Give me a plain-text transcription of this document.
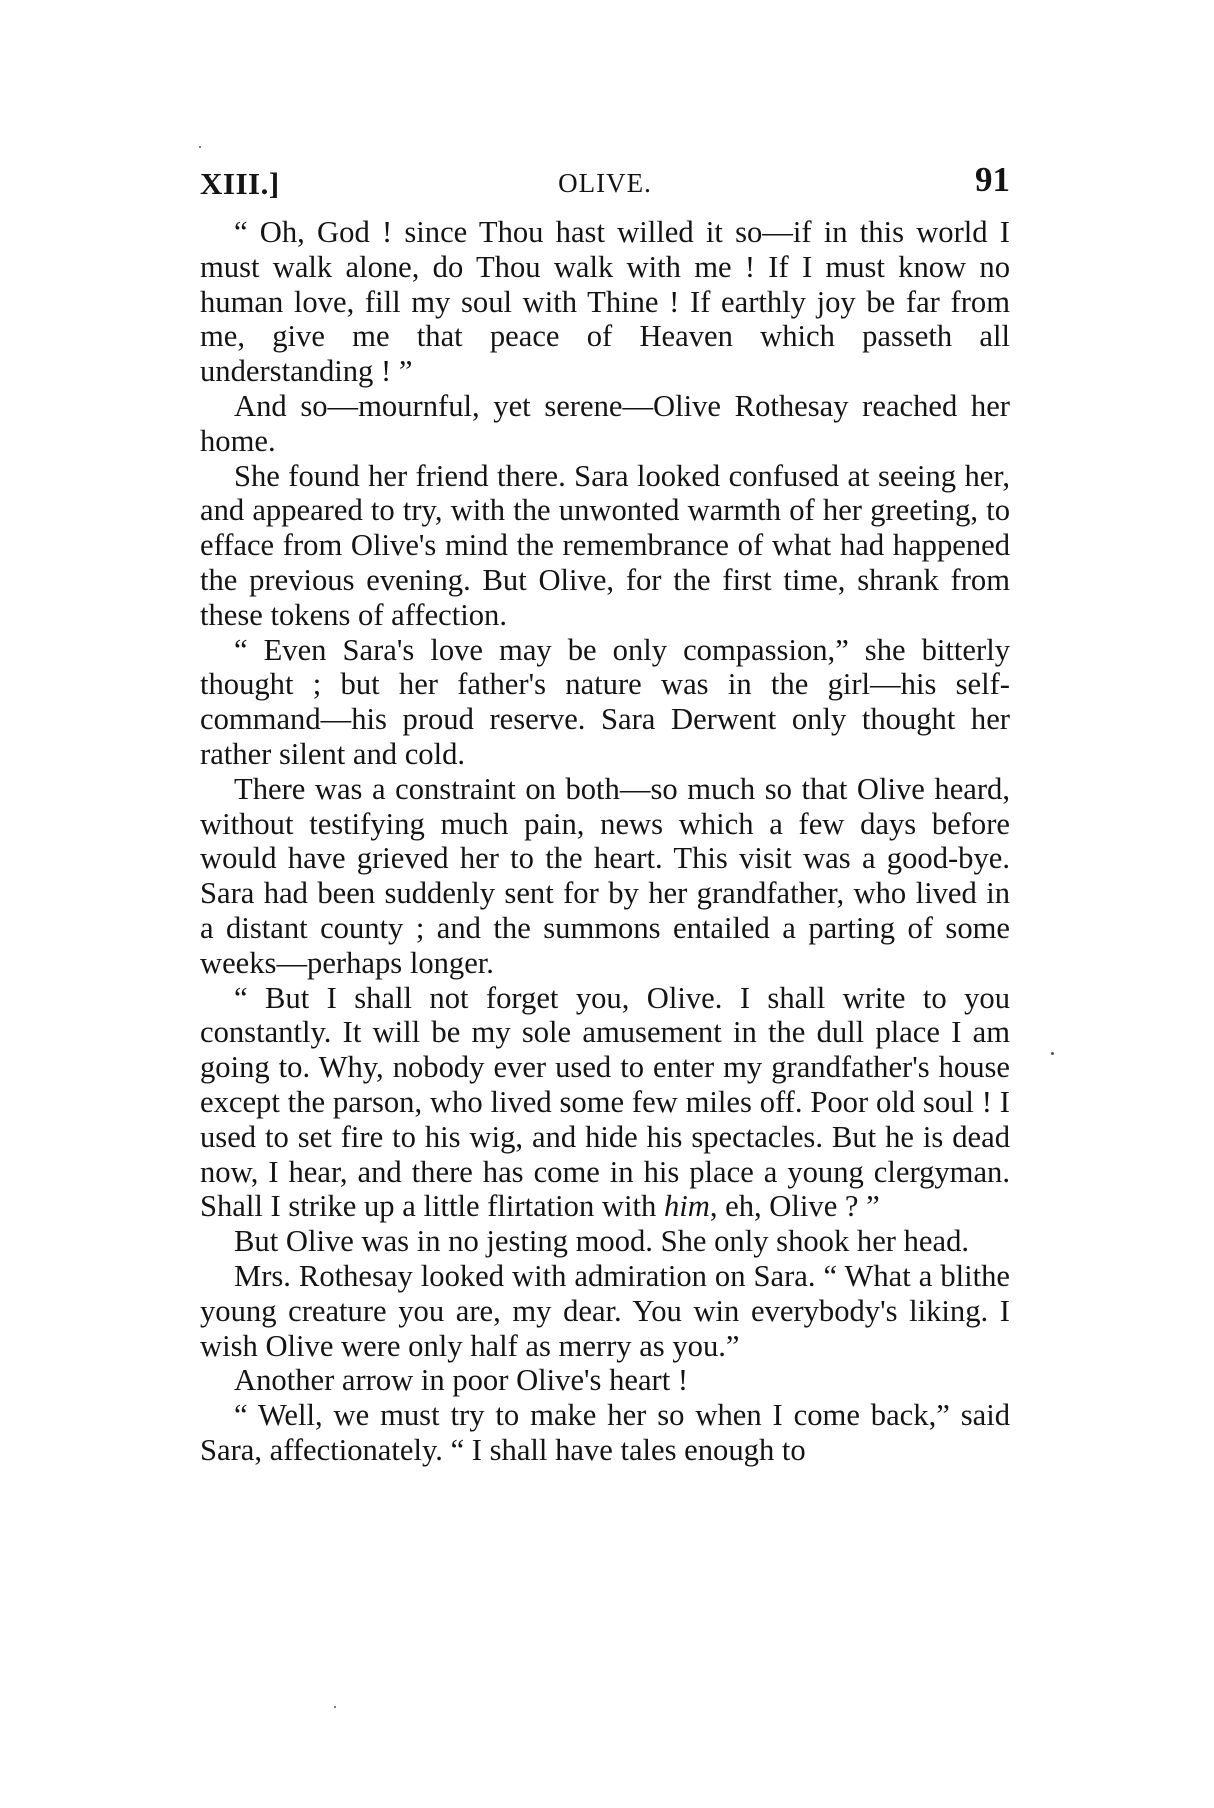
XIII.]	OLIVE.	91

“ Oh, God ! since Thou hast willed it so—if in this world I must walk alone, do Thou walk with me ! If I must know no human love, fill my soul with Thine ! If earthly joy be far from me, give me that peace of Heaven which passeth all understanding ! ”

And so—mournful, yet serene—Olive Rothesay reached her home.

She found her friend there. Sara looked confused at seeing her, and appeared to try, with the unwonted warmth of her greeting, to efface from Olive's mind the remembrance of what had happened the previous evening. But Olive, for the first time, shrank from these tokens of affection.

“ Even Sara's love may be only compassion,” she bitterly thought ; but her father's nature was in the girl—his self-command—his proud reserve. Sara Derwent only thought her rather silent and cold.

There was a constraint on both—so much so that Olive heard, without testifying much pain, news which a few days before would have grieved her to the heart. This visit was a good-bye. Sara had been suddenly sent for by her grandfather, who lived in a distant county ; and the summons entailed a parting of some weeks—perhaps longer.

“ But I shall not forget you, Olive. I shall write to you constantly. It will be my sole amusement in the dull place I am going to. Why, nobody ever used to enter my grandfather's house except the parson, who lived some few miles off. Poor old soul ! I used to set fire to his wig, and hide his spectacles. But he is dead now, I hear, and there has come in his place a young clergyman. Shall I strike up a little flirtation with him, eh, Olive ? ”

But Olive was in no jesting mood. She only shook her head.

Mrs. Rothesay looked with admiration on Sara. “ What a blithe young creature you are, my dear. You win everybody's liking. I wish Olive were only half as merry as you.”

Another arrow in poor Olive's heart !

“ Well, we must try to make her so when I come back,” said Sara, affectionately. “ I shall have tales enough to
